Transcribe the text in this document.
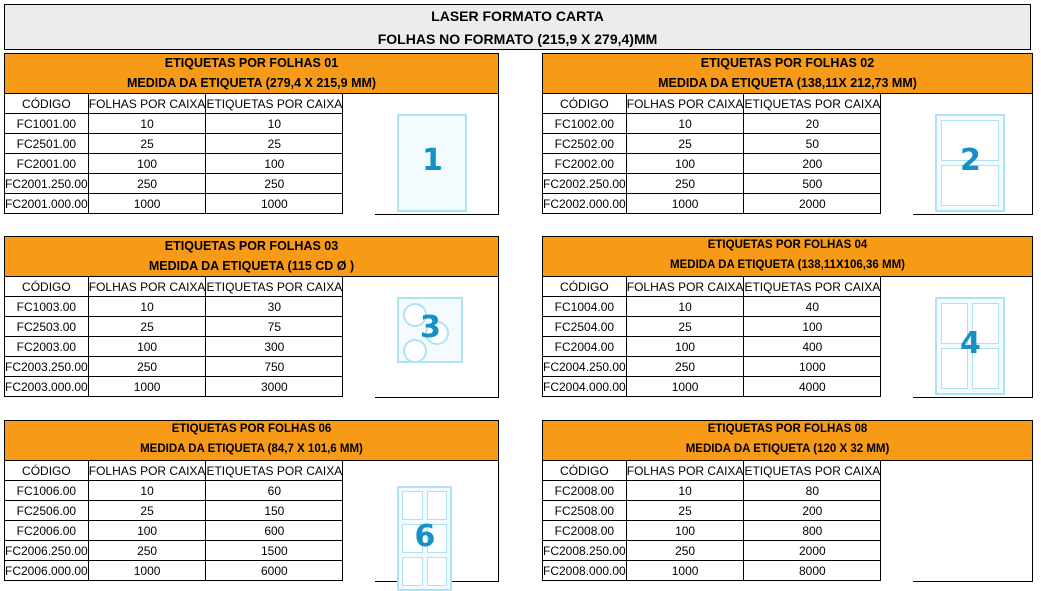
LASER FORMATO CARTA
FOLHAS NO FORMATO (215,9 X 279,4)MM
ETIQUETAS POR FOLHAS 01
MEDIDA DA ETIQUETA (279,4 X 215,9 MM)
CÓDIGO	FOLHAS POR CAIXA	ETIQUETAS POR CAIXA
FC1001.00	10	10
FC2501.00	25	25
FC2001.00	100	100
FC2001.250.00	250	250
FC2001.000.00	1000	1000
1
ETIQUETAS POR FOLHAS 02
MEDIDA DA ETIQUETA (138,11X 212,73 MM)
CÓDIGO	FOLHAS POR CAIXA	ETIQUETAS POR CAIXA
FC1002.00	10	20
FC2502.00	25	50
FC2002.00	100	200
FC2002.250.00	250	500
FC2002.000.00	1000	2000
2
ETIQUETAS POR FOLHAS 03
MEDIDA DA ETIQUETA (115 CD Ø )
CÓDIGO	FOLHAS POR CAIXA	ETIQUETAS POR CAIXA
FC1003.00	10	30
FC2503.00	25	75
FC2003.00	100	300
FC2003.250.00	250	750
FC2003.000.00	1000	3000
3
ETIQUETAS POR FOLHAS 04
MEDIDA DA ETIQUETA (138,11X106,36 MM)
CÓDIGO	FOLHAS POR CAIXA	ETIQUETAS POR CAIXA
FC1004.00	10	40
FC2504.00	25	100
FC2004.00	100	400
FC2004.250.00	250	1000
FC2004.000.00	1000	4000
4
ETIQUETAS POR FOLHAS 06
MEDIDA DA ETIQUETA (84,7 X 101,6 MM)
CÓDIGO	FOLHAS POR CAIXA	ETIQUETAS POR CAIXA
FC1006.00	10	60
FC2506.00	25	150
FC2006.00	100	600
FC2006.250.00	250	1500
FC2006.000.00	1000	6000
6
ETIQUETAS POR FOLHAS 08
MEDIDA DA ETIQUETA (120 X 32 MM)
CÓDIGO	FOLHAS POR CAIXA	ETIQUETAS POR CAIXA
FC2008.00	10	80
FC2508.00	25	200
FC2008.00	100	800
FC2008.250.00	250	2000
FC2008.000.00	1000	8000
